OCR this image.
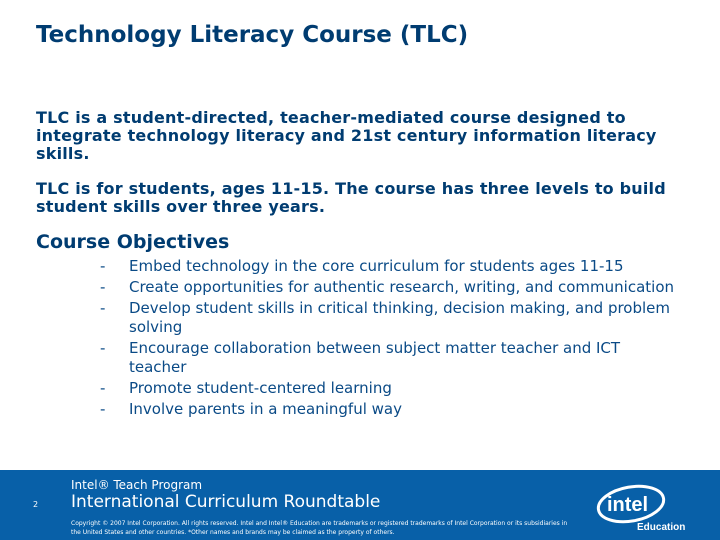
Technology Literacy Course (TLC)
TLC is a student-directed, teacher-mediated course designed to integrate technology literacy and 21st century information literacy skills.
TLC is for students, ages 11-15. The course has three levels to build student skills over three years.
Course Objectives
- Embed technology in the core curriculum for students ages 11-15
- Create opportunities for authentic research, writing, and communication
- Develop student skills in critical thinking, decision making, and problem solving
- Encourage collaboration between subject matter teacher and ICT teacher
- Promote student-centered learning
- Involve parents in a meaningful way
2
Intel® Teach Program
International Curriculum Roundtable
Copyright © 2007 Intel Corporation. All rights reserved. Intel and Intel® Education are trademarks or registered trademarks of Intel Corporation or its subsidiaries in the United States and other countries. *Other names and brands may be claimed as the property of others.
intel
Education
